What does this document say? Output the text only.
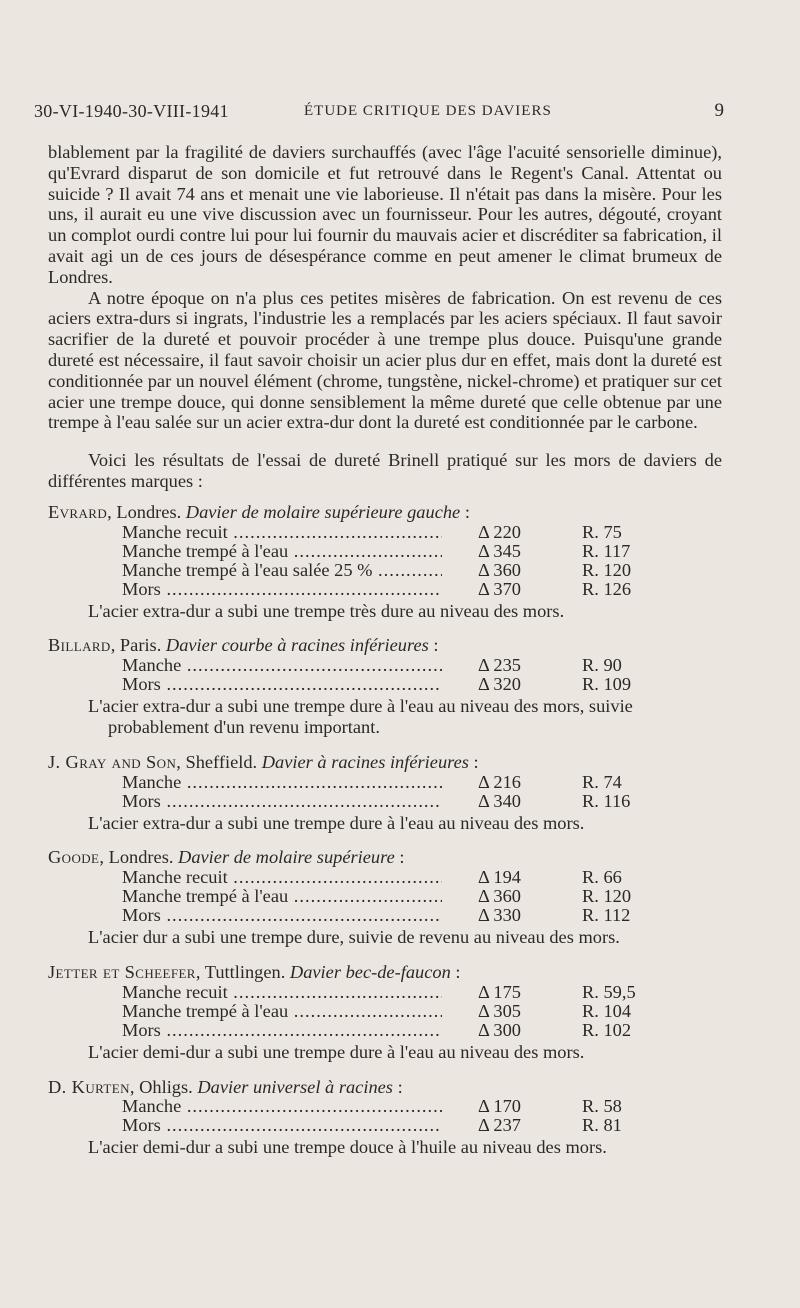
30-VI-1940-30-VIII-1941	ÉTUDE CRITIQUE DES DAVIERS	9

blablement par la fragilité de daviers surchauffés (avec l'âge l'acuité sensorielle diminue), qu'Evrard disparut de son domicile et fut retrouvé dans le Regent's Canal. Attentat ou suicide ? Il avait 74 ans et menait une vie laborieuse. Il n'était pas dans la misère. Pour les uns, il aurait eu une vive discussion avec un fournisseur. Pour les autres, dégouté, croyant un complot ourdi contre lui pour lui fournir du mauvais acier et discréditer sa fabrication, il avait agi un de ces jours de désespérance comme en peut amener le climat brumeux de Londres.

A notre époque on n'a plus ces petites misères de fabrication. On est revenu de ces aciers extra-durs si ingrats, l'industrie les a remplacés par les aciers spéciaux. Il faut savoir sacrifier de la dureté et pouvoir procéder à une trempe plus douce. Puisqu'une grande dureté est nécessaire, il faut savoir choisir un acier plus dur en effet, mais dont la dureté est conditionnée par un nouvel élément (chrome, tungstène, nickel-chrome) et pratiquer sur cet acier une trempe douce, qui donne sensiblement la même dureté que celle obtenue par une trempe à l'eau salée sur un acier extra-dur dont la dureté est conditionnée par le carbone.

Voici les résultats de l'essai de dureté Brinell pratiqué sur les mors de daviers de différentes marques :

Evrard, Londres. Davier de molaire supérieure gauche :

Manche recuit .....	Δ 220	R. 75
Manche trempé à l'eau .....	Δ 345	R. 117
Manche trempé à l'eau salée 25 % .....	Δ 360	R. 120
Mors .....	Δ 370	R. 126

L'acier extra-dur a subi une trempe très dure au niveau des mors.

Billard, Paris. Davier courbe à racines inférieures :

Manche .....	Δ 235	R. 90
Mors .....	Δ 320	R. 109

L'acier extra-dur a subi une trempe dure à l'eau au niveau des mors, suivie
probablement d'un revenu important.

J. Gray and Son, Sheffield. Davier à racines inférieures :

Manche .....	Δ 216	R. 74
Mors .....	Δ 340	R. 116

L'acier extra-dur a subi une trempe dure à l'eau au niveau des mors.

Goode, Londres. Davier de molaire supérieure :

Manche recuit .....	Δ 194	R. 66
Manche trempé à l'eau .....	Δ 360	R. 120
Mors .....	Δ 330	R. 112

L'acier dur a subi une trempe dure, suivie de revenu au niveau des mors.

Jetter et Scheefer, Tuttlingen. Davier bec-de-faucon :

Manche recuit .....	Δ 175	R. 59,5
Manche trempé à l'eau .....	Δ 305	R. 104
Mors .....	Δ 300	R. 102

L'acier demi-dur a subi une trempe dure à l'eau au niveau des mors.

D. Kurten, Ohligs. Davier universel à racines :

Manche .....	Δ 170	R. 58
Mors .....	Δ 237	R. 81

L'acier demi-dur a subi une trempe douce à l'huile au niveau des mors.
